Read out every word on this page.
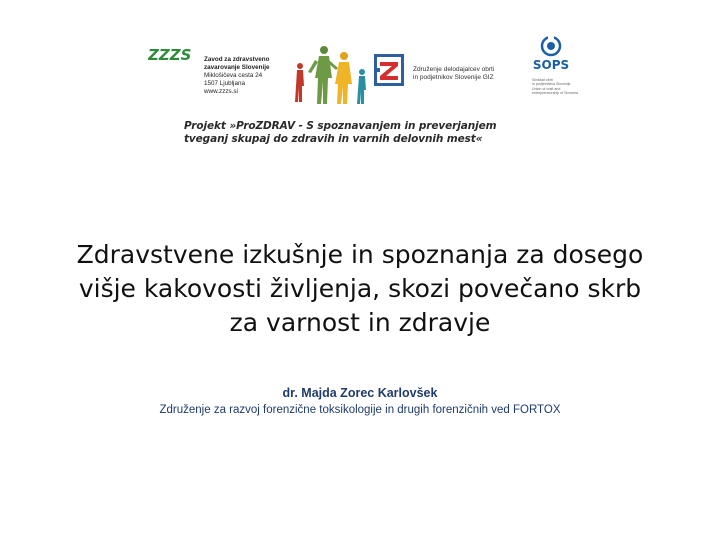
ZZZS Zavod za zdravstveno
zavarovanje Slovenije
Miklošičeva cesta 24
1507 Ljubljana
www.zzzs.si
Združenje delodajalcev obrti
in podjetnikov Slovenije GIZ
SOPS
Sindikat obrti
in podjetništva Slovenije
Union of craft and
entrepreneurship of Slovenia
Projekt »ProZDRAV - S spoznavanjem in preverjanjem
tveganj skupaj do zdravih in varnih delovnih mest«
Zdravstvene izkušnje in spoznanja za dosego
višje kakovosti življenja, skozi povečano skrb
za varnost in zdravje
dr. Majda Zorec Karlovšek
Združenje za razvoj forenzične toksikologije in drugih forenzičnih ved FORTOX
